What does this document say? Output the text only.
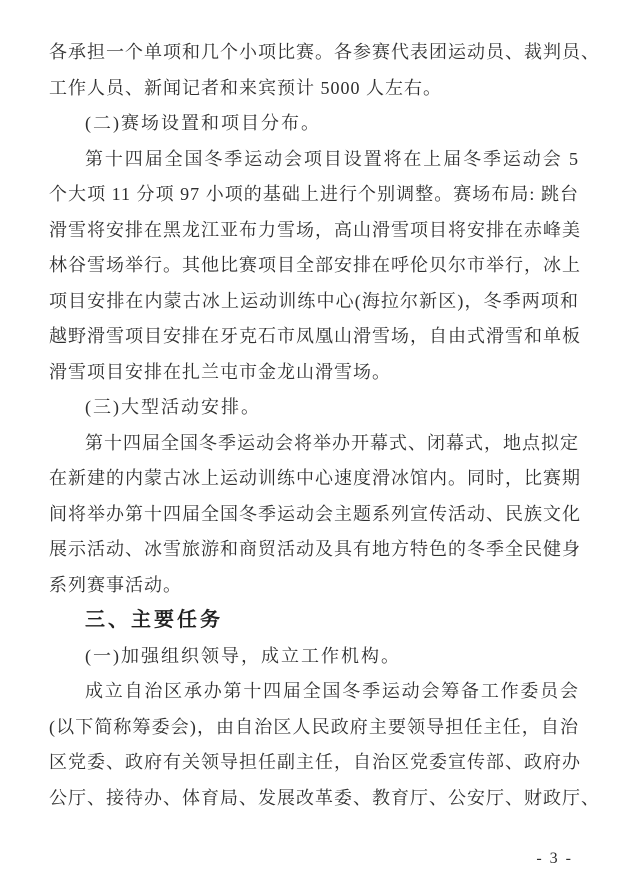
各承担一个单项和几个小项比赛。各参赛代表团运动员、裁判员、
工作人员、新闻记者和来宾预计 5000 人左右。
(二)赛场设置和项目分布。
第十四届全国冬季运动会项目设置将在上届冬季运动会 5
个大项 11 分项 97 小项的基础上进行个别调整。赛场布局: 跳台
滑雪将安排在黑龙江亚布力雪场，高山滑雪项目将安排在赤峰美
林谷雪场举行。其他比赛项目全部安排在呼伦贝尔市举行，冰上
项目安排在内蒙古冰上运动训练中心(海拉尔新区)，冬季两项和
越野滑雪项目安排在牙克石市凤凰山滑雪场，自由式滑雪和单板
滑雪项目安排在扎兰屯市金龙山滑雪场。
(三)大型活动安排。
第十四届全国冬季运动会将举办开幕式、闭幕式，地点拟定
在新建的内蒙古冰上运动训练中心速度滑冰馆内。同时，比赛期
间将举办第十四届全国冬季运动会主题系列宣传活动、民族文化
展示活动、冰雪旅游和商贸活动及具有地方特色的冬季全民健身
系列赛事活动。
三、主要任务
(一)加强组织领导，成立工作机构。
成立自治区承办第十四届全国冬季运动会筹备工作委员会
(以下简称筹委会)，由自治区人民政府主要领导担任主任，自治
区党委、政府有关领导担任副主任，自治区党委宣传部、政府办
公厅、接待办、体育局、发展改革委、教育厅、公安厅、财政厅、
- 3 -
